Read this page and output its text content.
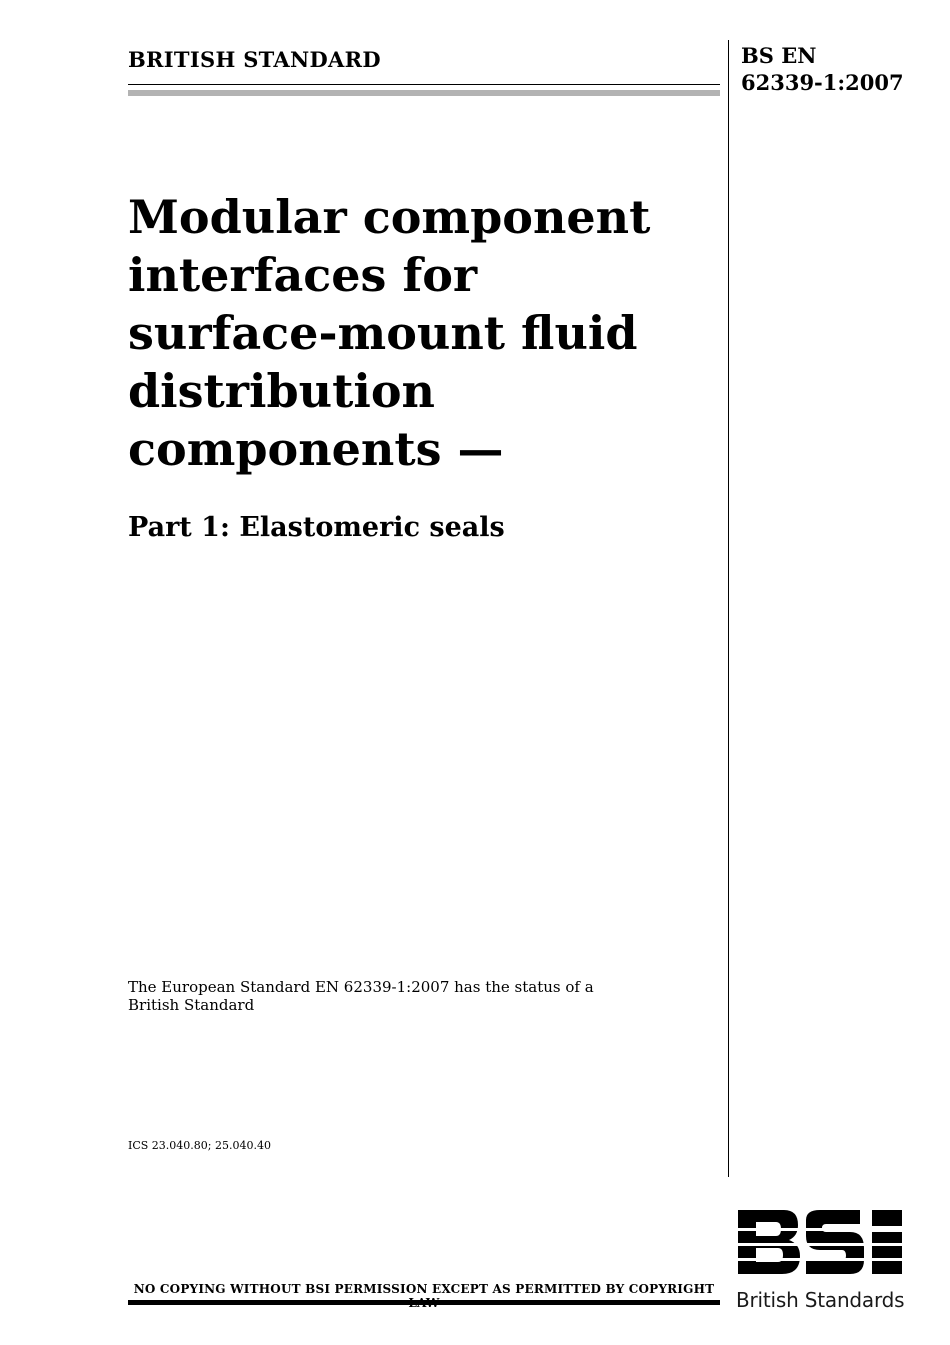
BRITISH STANDARD	BS EN
62339-1:2007
Modular component
interfaces for
surface-mount fluid
distribution
components —
Part 1: Elastomeric seals
The European Standard EN 62339-1:2007 has the status of a
British Standard
ICS 23.040.80; 25.040.40
NO COPYING WITHOUT BSI PERMISSION EXCEPT AS PERMITTED BY COPYRIGHT British Standards
